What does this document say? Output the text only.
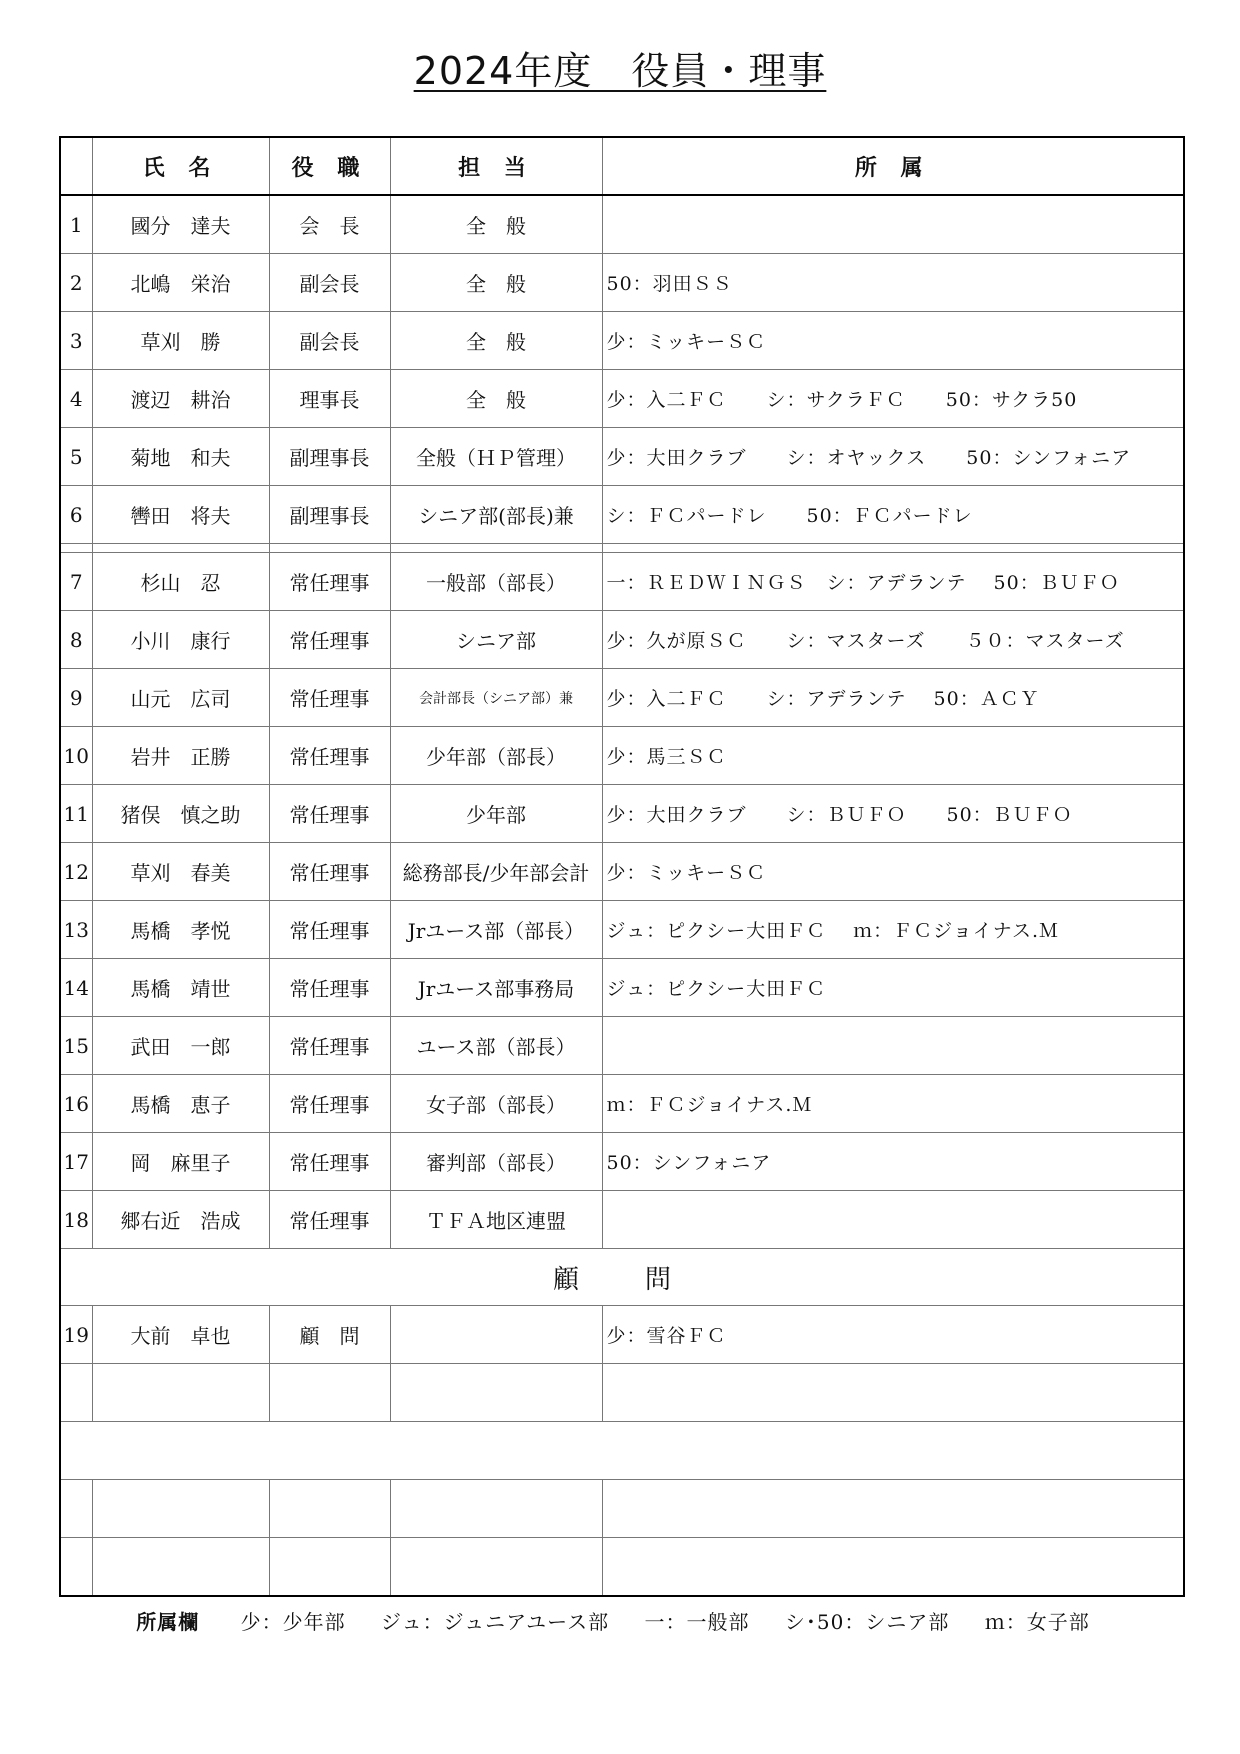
2024年度　役員・理事
	氏 名	役 職	担 当	所 属
1	國分　達夫	会　長	全　般	
2	北嶋　栄治	副会長	全　般	50：羽田ＳＳ
3	草刈　勝	副会長	全　般	少：ミッキーＳＣ
4	渡辺　耕治	理事長	全　般	少：入二ＦＣ　　シ：サクラＦＣ　　50：サクラ50
5	菊地　和夫	副理事長	全般（ＨＰ管理）	少：大田クラブ　　シ：オヤックス　　50：シンフォニア
6	轡田　将夫	副理事長	シニア部(部長)兼	シ：ＦＣパードレ　　50：ＦＣパードレ

7	杉山　忍	常任理事	一般部（部長）	一：ＲＥＤＷＩＮＧＳ　シ：アデランテ　 50：ＢＵＦＯ
8	小川　康行	常任理事	シニア部	少：久が原ＳＣ　　シ：マスターズ　　５０：マスターズ
9	山元　広司	常任理事	会計部長（シニア部）兼	少：入二ＦＣ　　シ：アデランテ　 50：ＡＣＹ
10	岩井　正勝	常任理事	少年部（部長）	少：馬三ＳＣ
11	猪俣　慎之助	常任理事	少年部	少：大田クラブ　　シ：ＢＵＦＯ　　50：ＢＵＦＯ
12	草刈　春美	常任理事	総務部長/少年部会計	少：ミッキーＳＣ
13	馬橋　孝悦	常任理事	Jrユース部（部長）	ジュ：ピクシー大田ＦＣ　 ｍ：ＦＣジョイナス.Ｍ
14	馬橋　靖世	常任理事	Jrユース部事務局	ジュ：ピクシー大田ＦＣ
15	武田　一郎	常任理事	ユース部（部長）	
16	馬橋　恵子	常任理事	女子部（部長）	ｍ：ＦＣジョイナス.Ｍ
17	岡　麻里子	常任理事	審判部（部長）	50：シンフォニア
18	郷右近　浩成	常任理事	ＴＦＡ地区連盟	
顧　問				
19	大前　卓也	顧　問		少：雪谷ＦＣ

所属欄 少：少年部 ジュ：ジュニアユース部 一：一般部 シ･50：シニア部 ｍ：女子部
